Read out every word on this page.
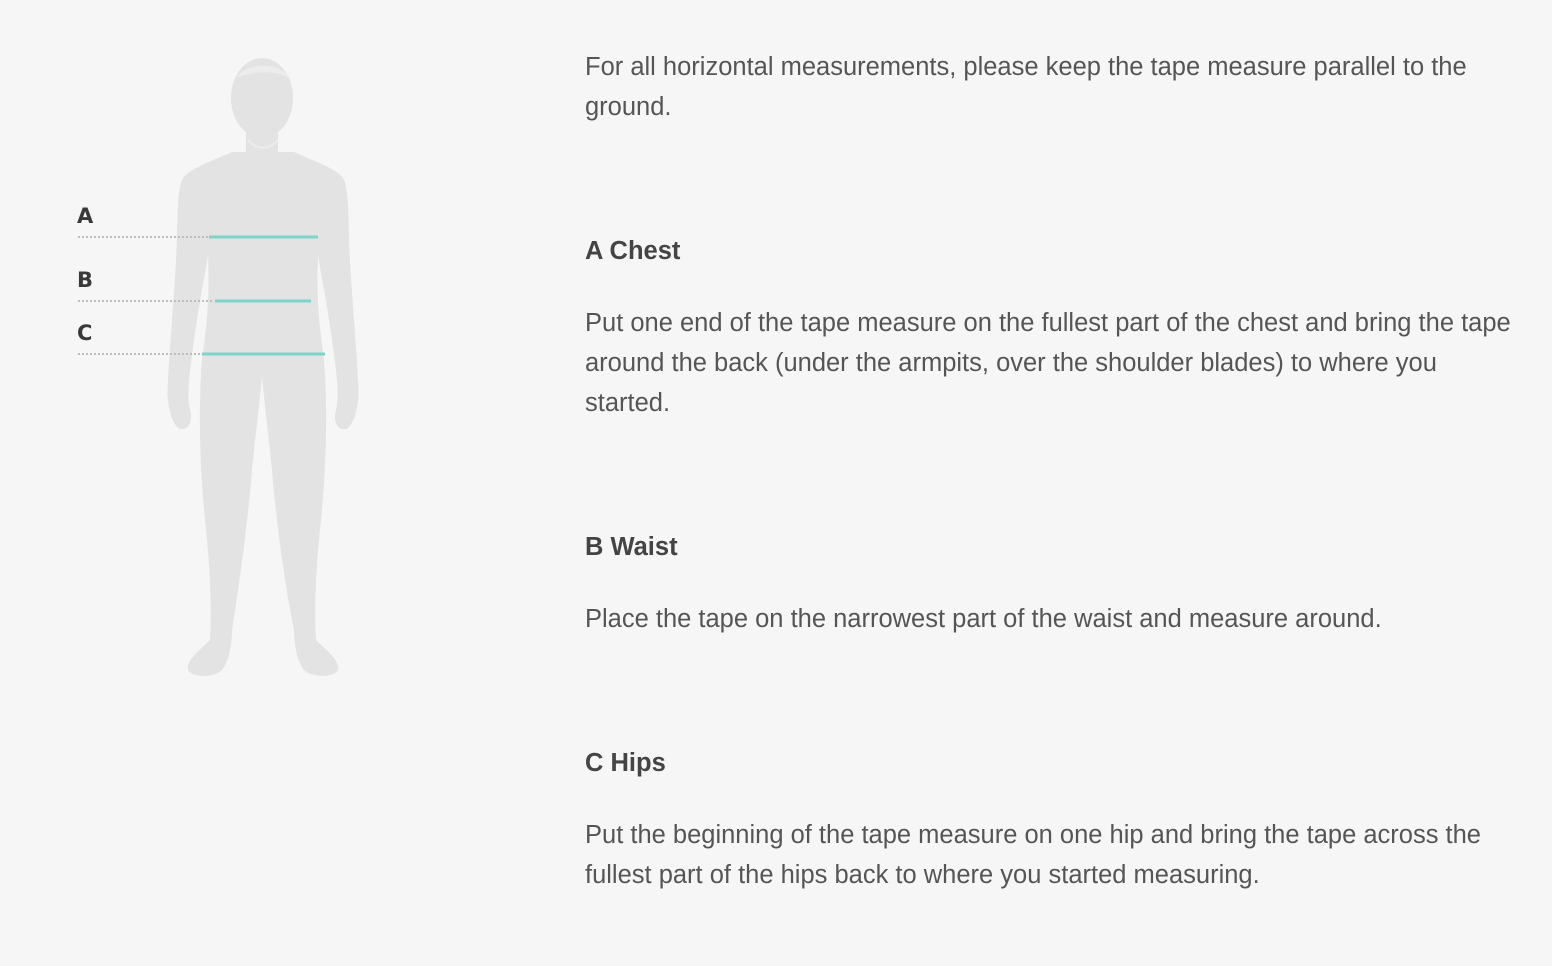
A
B
C

For all horizontal measurements, please keep the tape measure parallel to the ground.

A Chest

Put one end of the tape measure on the fullest part of the chest and bring the tape around the back (under the armpits, over the shoulder blades) to where you started.

B Waist

Place the tape on the narrowest part of the waist and measure around.

C Hips

Put the beginning of the tape measure on one hip and bring the tape across the fullest part of the hips back to where you started measuring.
